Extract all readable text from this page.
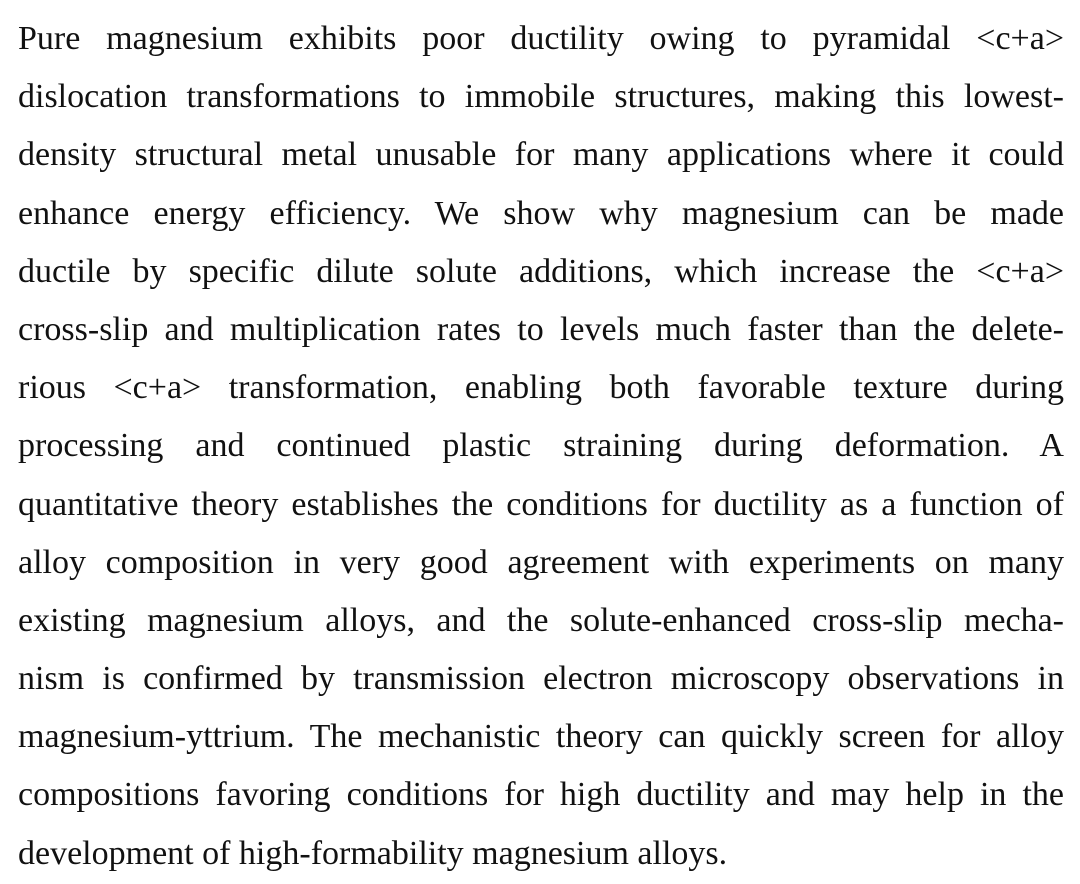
Pure magnesium exhibits poor ductility owing to pyramidal <c+a>
dislocation transformations to immobile structures, making this lowest-
density structural metal unusable for many applications where it could
enhance energy efficiency. We show why magnesium can be made
ductile by specific dilute solute additions, which increase the <c+a>
cross-slip and multiplication rates to levels much faster than the delete-
rious <c+a> transformation, enabling both favorable texture during
processing and continued plastic straining during deformation. A
quantitative theory establishes the conditions for ductility as a function of
alloy composition in very good agreement with experiments on many
existing magnesium alloys, and the solute-enhanced cross-slip mecha-
nism is confirmed by transmission electron microscopy observations in
magnesium-yttrium. The mechanistic theory can quickly screen for alloy
compositions favoring conditions for high ductility and may help in the
development of high-formability magnesium alloys.
